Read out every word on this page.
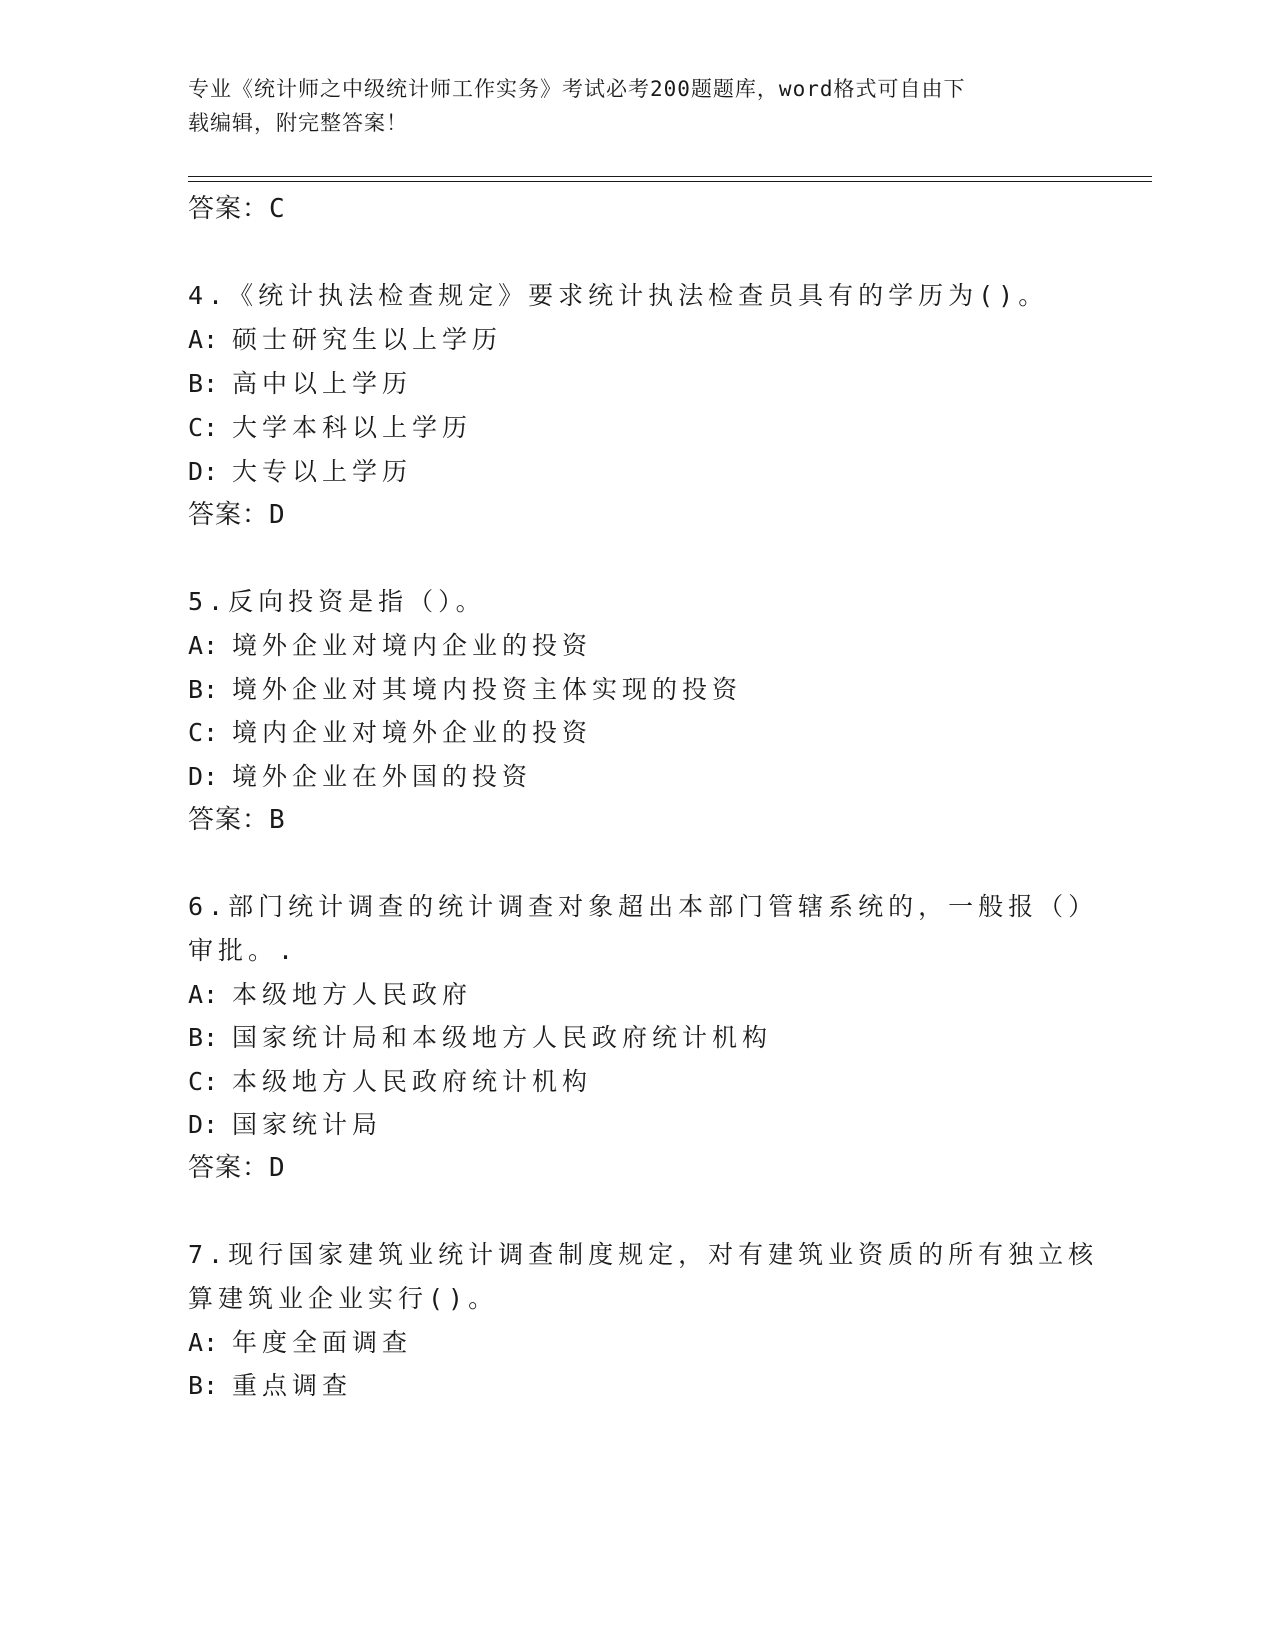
专业《统计师之中级统计师工作实务》考试必考200题题库，word格式可自由下
载编辑，附完整答案！
答案：C
4.《统计执法检查规定》要求统计执法检查员具有的学历为()。
A: 硕士研究生以上学历
B: 高中以上学历
C: 大学本科以上学历
D: 大专以上学历
答案：D
5.反向投资是指（）。
A: 境外企业对境内企业的投资
B: 境外企业对其境内投资主体实现的投资
C: 境内企业对境外企业的投资
D: 境外企业在外国的投资
答案：B
6.部门统计调查的统计调查对象超出本部门管辖系统的，一般报（）
审批。.
A: 本级地方人民政府
B: 国家统计局和本级地方人民政府统计机构
C: 本级地方人民政府统计机构
D: 国家统计局
答案：D
7.现行国家建筑业统计调查制度规定，对有建筑业资质的所有独立核
算建筑业企业实行()。
A: 年度全面调查
B: 重点调查
